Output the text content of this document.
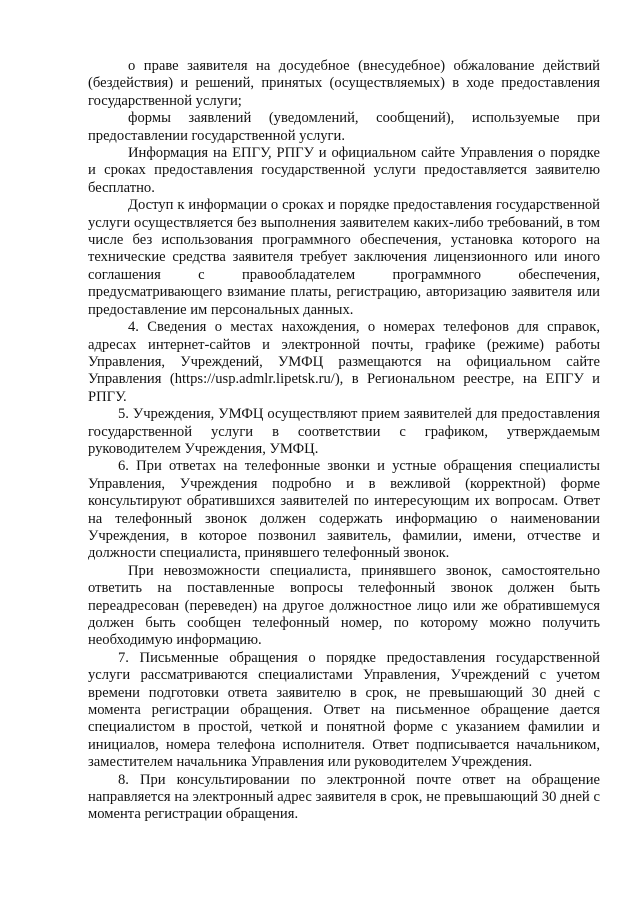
о праве заявителя на досудебное (внесудебное) обжалование действий (бездействия) и решений, принятых (осуществляемых) в ходе предоставления государственной услуги;

формы заявлений (уведомлений, сообщений), используемые при предоставлении государственной услуги.

Информация на ЕПГУ, РПГУ и официальном сайте Управления о порядке и сроках предоставления государственной услуги предоставляется заявителю бесплатно.

Доступ к информации о сроках и порядке предоставления государственной услуги осуществляется без выполнения заявителем каких-либо требований, в том числе без использования программного обеспечения, установка которого на технические средства заявителя требует заключения лицензионного или иного соглашения с правообладателем программного обеспечения, предусматривающего взимание платы, регистрацию, авторизацию заявителя или предоставление им персональных данных.

4. Сведения о местах нахождения, о номерах телефонов для справок, адресах интернет-сайтов и электронной почты, графике (режиме) работы Управления, Учреждений, УМФЦ размещаются на официальном сайте Управления (https://usp.admlr.lipetsk.ru/), в Региональном реестре, на ЕПГУ и РПГУ.

5. Учреждения, УМФЦ осуществляют прием заявителей для предоставления государственной услуги в соответствии с графиком, утверждаемым руководителем Учреждения, УМФЦ.

6. При ответах на телефонные звонки и устные обращения специалисты Управления, Учреждения подробно и в вежливой (корректной) форме консультируют обратившихся заявителей по интересующим их вопросам. Ответ на телефонный звонок должен содержать информацию о наименовании Учреждения, в которое позвонил заявитель, фамилии, имени, отчестве и должности специалиста, принявшего телефонный звонок.

При невозможности специалиста, принявшего звонок, самостоятельно ответить на поставленные вопросы телефонный звонок должен быть переадресован (переведен) на другое должностное лицо или же обратившемуся должен быть сообщен телефонный номер, по которому можно получить необходимую информацию.

7. Письменные обращения о порядке предоставления государственной услуги рассматриваются специалистами Управления, Учреждений с учетом времени подготовки ответа заявителю в срок, не превышающий 30 дней с момента регистрации обращения. Ответ на письменное обращение дается специалистом в простой, четкой и понятной форме с указанием фамилии и инициалов, номера телефона исполнителя. Ответ подписывается начальником, заместителем начальника Управления или руководителем Учреждения.

8. При консультировании по электронной почте ответ на обращение направляется на электронный адрес заявителя в срок, не превышающий 30 дней с момента регистрации обращения.
